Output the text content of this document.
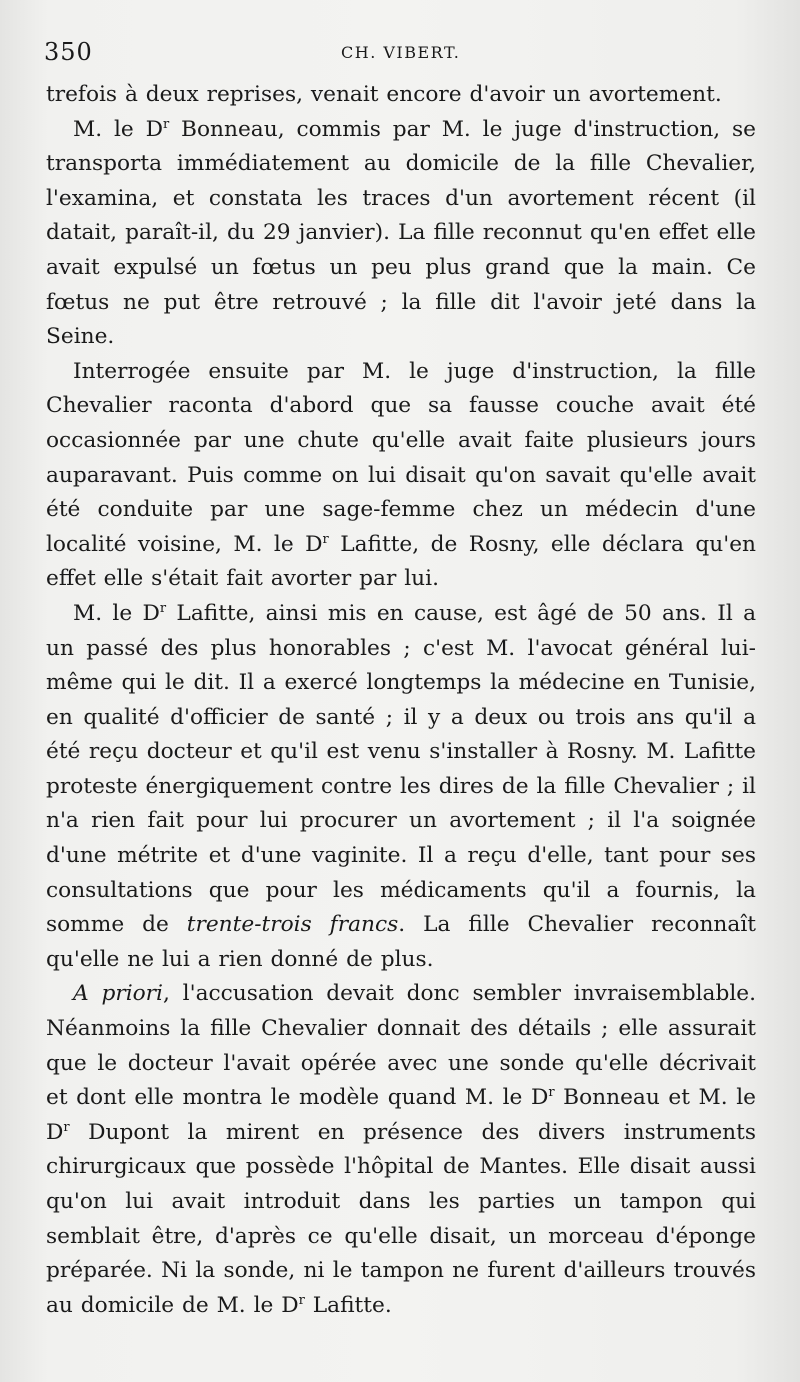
350	CH. VIBERT.

trefois à deux reprises, venait encore d'avoir un avortement.

M. le $D^r$ Bonneau, commis par M. le juge d'instruction, se transporta immédiatement au domicile de la fille Chevalier, l'examina, et constata les traces d'un avortement récent (il datait, paraît-il, du 29 janvier). La fille reconnut qu'en effet elle avait expulsé un fœtus un peu plus grand que la main. Ce fœtus ne put être retrouvé ; la fille dit l'avoir jeté dans la Seine.

Interrogée ensuite par M. le juge d'instruction, la fille Chevalier raconta d'abord que sa fausse couche avait été occasionnée par une chute qu'elle avait faite plusieurs jours auparavant. Puis comme on lui disait qu'on savait qu'elle avait été conduite par une sage-femme chez un médecin d'une localité voisine, M. le $D^r$ Lafitte, de Rosny, elle déclara qu'en effet elle s'était fait avorter par lui.

M. le $D^r$ Lafitte, ainsi mis en cause, est âgé de 50 ans. Il a un passé des plus honorables ; c'est M. l'avocat général lui-même qui le dit. Il a exercé longtemps la médecine en Tunisie, en qualité d'officier de santé ; il y a deux ou trois ans qu'il a été reçu docteur et qu'il est venu s'installer à Rosny. M. Lafitte proteste énergiquement contre les dires de la fille Chevalier ; il n'a rien fait pour lui procurer un avortement ; il l'a soignée d'une métrite et d'une vaginite. Il a reçu d'elle, tant pour ses consultations que pour les médicaments qu'il a fournis, la somme de trente-trois francs. La fille Chevalier reconnaît qu'elle ne lui a rien donné de plus.

A priori, l'accusation devait donc sembler invraisemblable. Néanmoins la fille Chevalier donnait des détails ; elle assurait que le docteur l'avait opérée avec une sonde qu'elle décrivait et dont elle montra le modèle quand M. le $D^r$ Bonneau et M. le $D^r$ Dupont la mirent en présence des divers instruments chirurgicaux que possède l'hôpital de Mantes. Elle disait aussi qu'on lui avait introduit dans les parties un tampon qui semblait être, d'après ce qu'elle disait, un morceau d'éponge préparée. Ni la sonde, ni le tampon ne furent d'ailleurs trouvés au domicile de M. le $D^r$ Lafitte.
